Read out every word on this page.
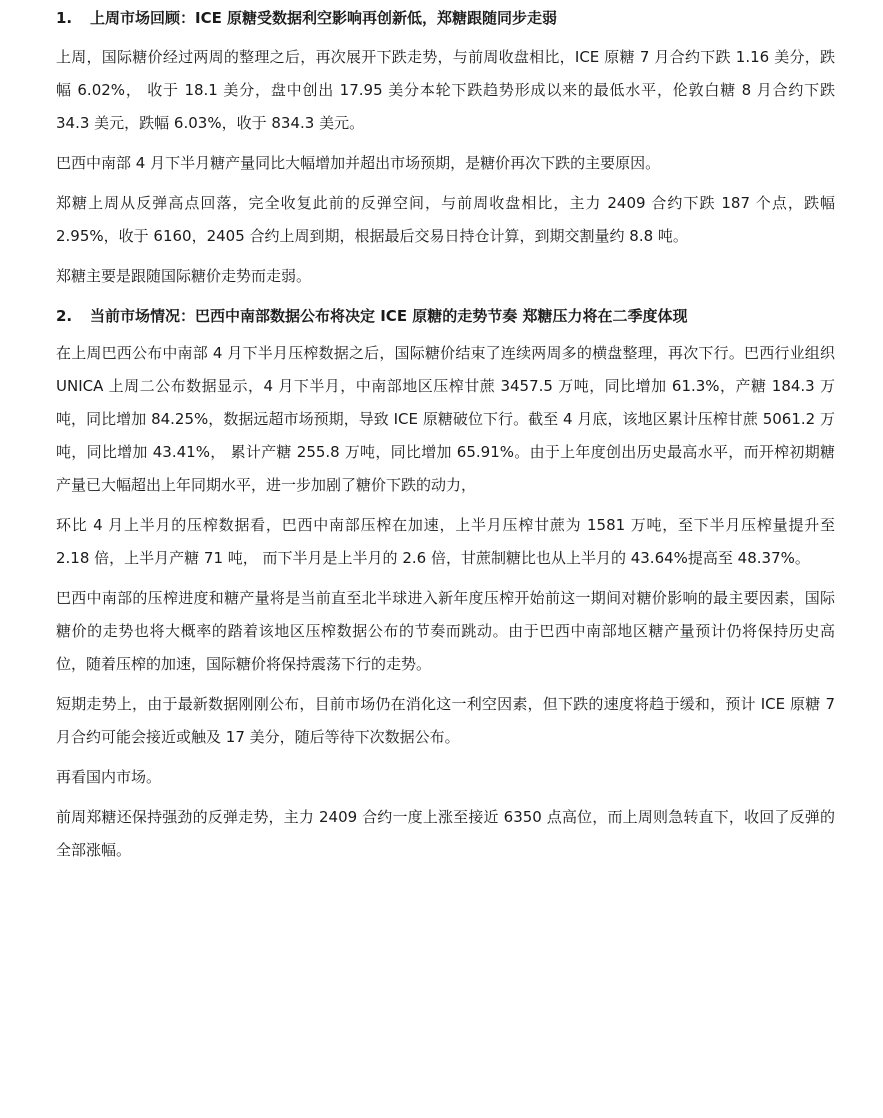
1.	上周市场回顾：ICE 原糖受数据利空影响再创新低，郑糖跟随同步走弱

上周，国际糖价经过两周的整理之后，再次展开下跌走势，与前周收盘相比，ICE 原糖 7 月合约下跌 1.16 美分，跌幅 6.02%， 收于 18.1 美分，盘中创出 17.95 美分本轮下跌趋势形成以来的最低水平，伦敦白糖 8 月合约下跌 34.3 美元，跌幅 6.03%，收于 834.3 美元。

巴西中南部 4 月下半月糖产量同比大幅增加并超出市场预期，是糖价再次下跌的主要原因。

郑糖上周从反弹高点回落，完全收复此前的反弹空间，与前周收盘相比，主力 2409 合约下跌 187 个点，跌幅 2.95%，收于 6160，2405 合约上周到期，根据最后交易日持仓计算，到期交割量约 8.8 吨。

郑糖主要是跟随国际糖价走势而走弱。

2.	当前市场情况：巴西中南部数据公布将决定 ICE 原糖的走势节奏 郑糖压力将在二季度体现

在上周巴西公布中南部 4 月下半月压榨数据之后，国际糖价结束了连续两周多的横盘整理，再次下行。巴西行业组织 UNICA 上周二公布数据显示，4 月下半月，中南部地区压榨甘蔗 3457.5 万吨，同比增加 61.3%，产糖 184.3 万吨，同比增加 84.25%，数据远超市场预期，导致 ICE 原糖破位下行。截至 4 月底，该地区累计压榨甘蔗 5061.2 万吨，同比增加 43.41%， 累计产糖 255.8 万吨，同比增加 65.91%。由于上年度创出历史最高水平，而开榨初期糖产量已大幅超出上年同期水平，进一步加剧了糖价下跌的动力，

环比 4 月上半月的压榨数据看，巴西中南部压榨在加速，上半月压榨甘蔗为 1581 万吨，至下半月压榨量提升至 2.18 倍，上半月产糖 71 吨， 而下半月是上半月的 2.6 倍，甘蔗制糖比也从上半月的 43.64%提高至 48.37%。

巴西中南部的压榨进度和糖产量将是当前直至北半球进入新年度压榨开始前这一期间对糖价影响的最主要因素，国际糖价的走势也将大概率的踏着该地区压榨数据公布的节奏而跳动。由于巴西中南部地区糖产量预计仍将保持历史高位，随着压榨的加速，国际糖价将保持震荡下行的走势。

短期走势上，由于最新数据刚刚公布，目前市场仍在消化这一利空因素，但下跌的速度将趋于缓和，预计 ICE 原糖 7 月合约可能会接近或触及 17 美分，随后等待下次数据公布。

再看国内市场。

前周郑糖还保持强劲的反弹走势，主力 2409 合约一度上涨至接近 6350 点高位，而上周则急转直下，收回了反弹的全部涨幅。
